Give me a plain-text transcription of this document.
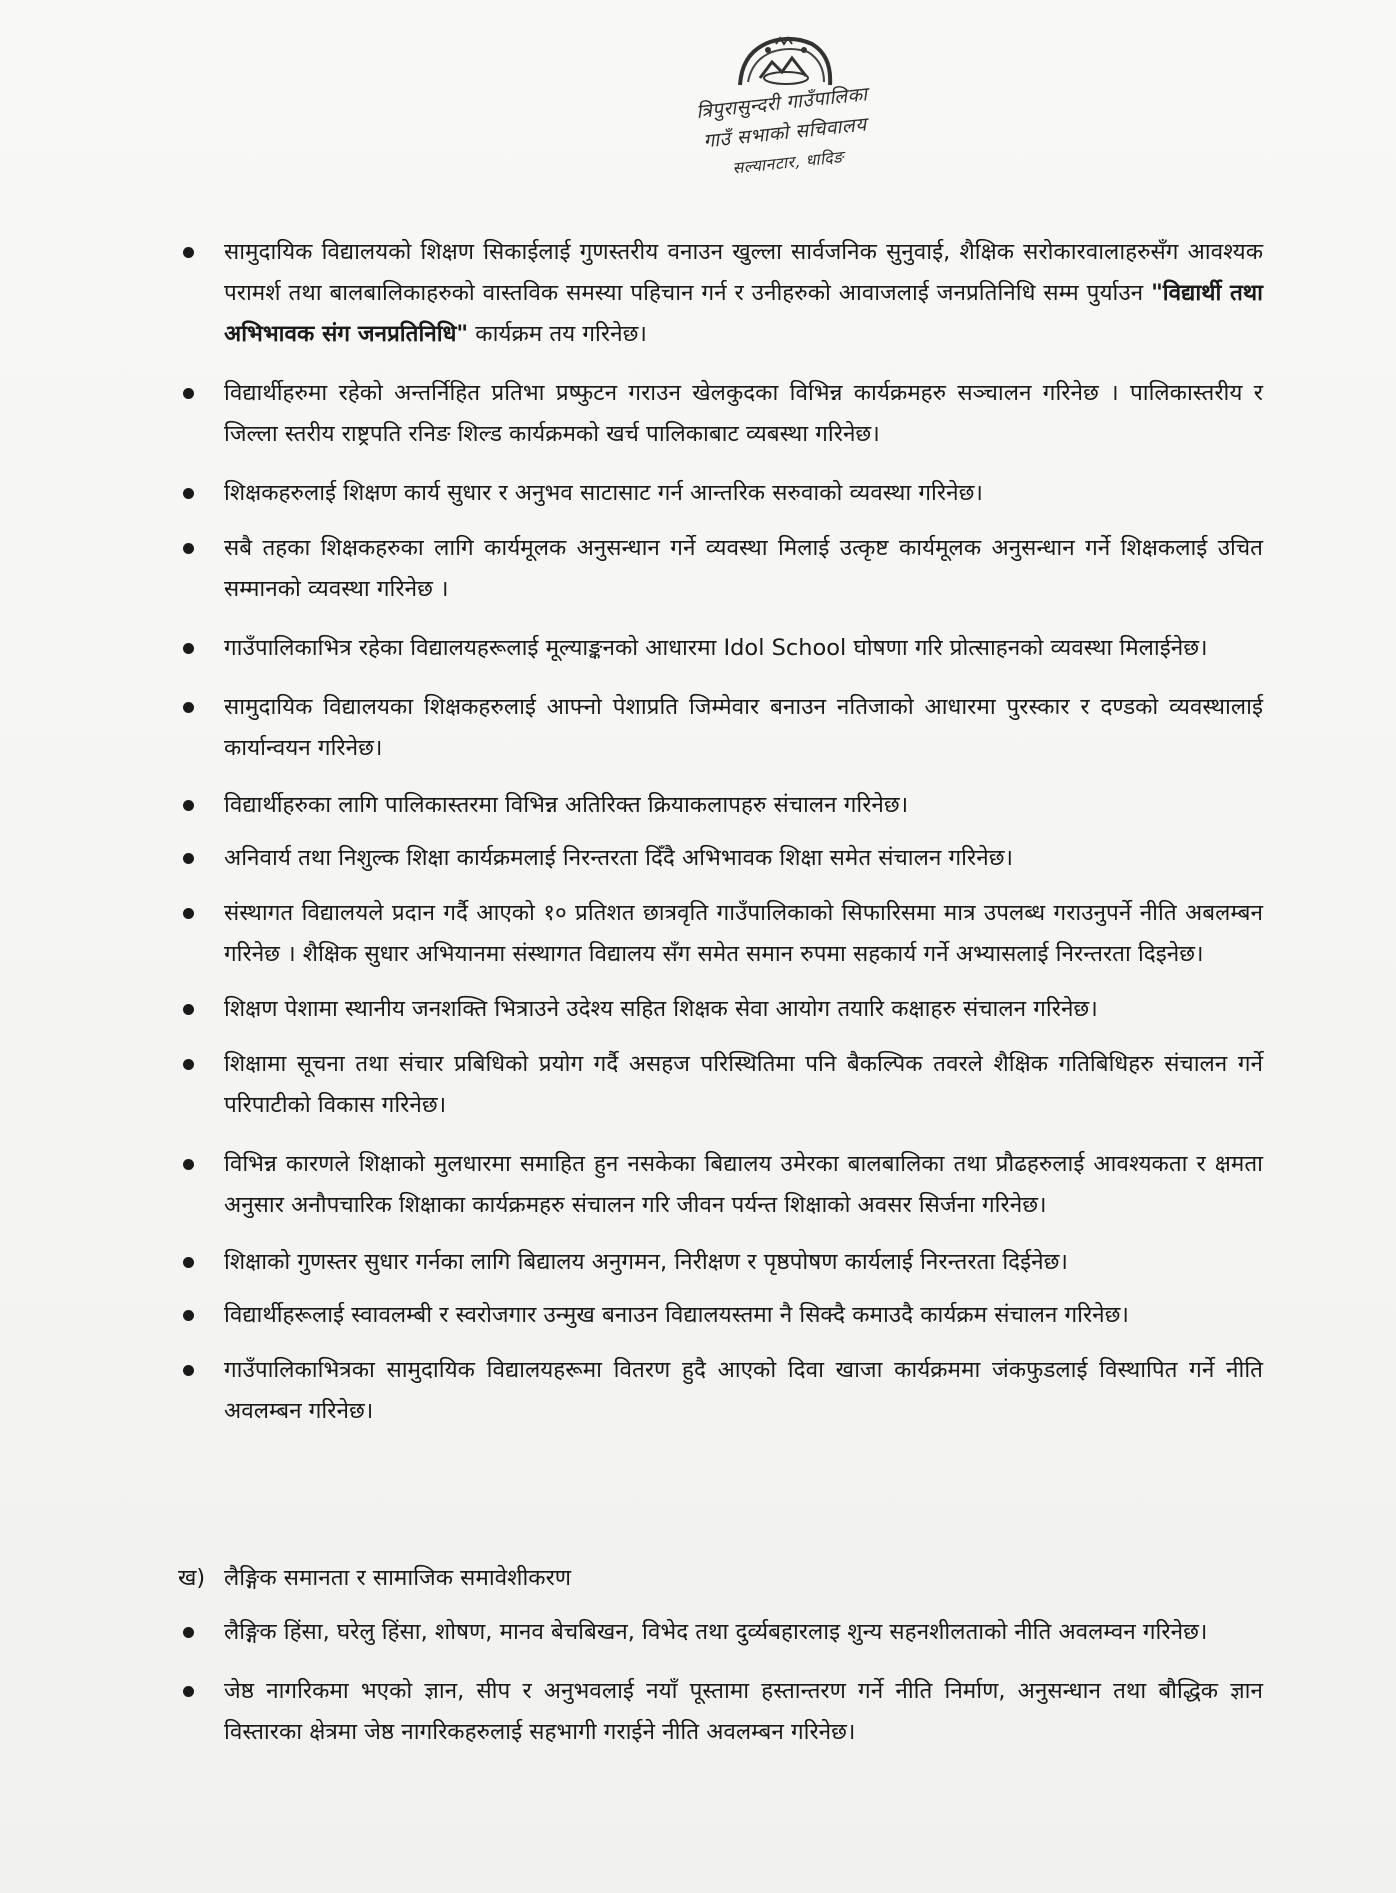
त्रिपुरासुन्दरी गाउँपालिका
गाउँ सभाको सचिवालय
सल्यानटार, धादिङ
सामुदायिक विद्यालयको शिक्षण सिकाईलाई गुणस्तरीय वनाउन खुल्ला सार्वजनिक सुनुवाई, शैक्षिक सरोकारवालाहरुसँग आवश्यक परामर्श तथा बालबालिकाहरुको वास्तविक समस्या पहिचान गर्न र उनीहरुको आवाजलाई जनप्रतिनिधि सम्म पुर्याउन "विद्यार्थी तथा अभिभावक संग जनप्रतिनिधि" कार्यक्रम तय गरिनेछ।
विद्यार्थीहरुमा रहेको अन्तर्निहित प्रतिभा प्रष्फुटन गराउन खेलकुदका विभिन्न कार्यक्रमहरु सञ्चालन गरिनेछ । पालिकास्तरीय र जिल्ला स्तरीय राष्ट्रपति रनिङ शिल्ड कार्यक्रमको खर्च पालिकाबाट व्यबस्था गरिनेछ।
शिक्षकहरुलाई शिक्षण कार्य सुधार र अनुभव साटासाट गर्न आन्तरिक सरुवाको व्यवस्था गरिनेछ।
सबै तहका शिक्षकहरुका लागि कार्यमूलक अनुसन्धान गर्ने व्यवस्था मिलाई उत्कृष्ट कार्यमूलक अनुसन्धान गर्ने शिक्षकलाई उचित सम्मानको व्यवस्था गरिनेछ ।
गाउँपालिकाभित्र रहेका विद्यालयहरूलाई मूल्याङ्कनको आधारमा Idol School घोषणा गरि प्रोत्साहनको व्यवस्था मिलाईनेछ।
सामुदायिक विद्यालयका शिक्षकहरुलाई आफ्नो पेशाप्रति जिम्मेवार बनाउन नतिजाको आधारमा पुरस्कार र दण्डको व्यवस्थालाई कार्यान्वयन गरिनेछ।
विद्यार्थीहरुका लागि पालिकास्तरमा विभिन्न अतिरिक्त क्रियाकलापहरु संचालन गरिनेछ।
अनिवार्य तथा निशुल्क शिक्षा कार्यक्रमलाई निरन्तरता दिँदै अभिभावक शिक्षा समेत संचालन गरिनेछ।
संस्थागत विद्यालयले प्रदान गर्दै आएको १० प्रतिशत छात्रवृति गाउँपालिकाको सिफारिसमा मात्र उपलब्ध गराउनुपर्ने नीति अबलम्बन गरिनेछ । शैक्षिक सुधार अभियानमा संस्थागत विद्यालय सँग समेत समान रुपमा सहकार्य गर्ने अभ्यासलाई निरन्तरता दिइनेछ।
शिक्षण पेशामा स्थानीय जनशक्ति भित्राउने उदेश्य सहित शिक्षक सेवा आयोग तयारि कक्षाहरु संचालन गरिनेछ।
शिक्षामा सूचना तथा संचार प्रबिधिको प्रयोग गर्दै असहज परिस्थितिमा पनि बैकल्पिक तवरले शैक्षिक गतिबिधिहरु संचालन गर्ने परिपाटीको विकास गरिनेछ।
विभिन्न कारणले शिक्षाको मुलधारमा समाहित हुन नसकेका बिद्यालय उमेरका बालबालिका तथा प्रौढहरुलाई आवश्यकता र क्षमता अनुसार अनौपचारिक शिक्षाका कार्यक्रमहरु संचालन गरि जीवन पर्यन्त शिक्षाको अवसर सिर्जना गरिनेछ।
शिक्षाको गुणस्तर सुधार गर्नका लागि बिद्यालय अनुगमन, निरीक्षण र पृष्ठपोषण कार्यलाई निरन्तरता दिईनेछ।
विद्यार्थीहरूलाई स्वावलम्बी र स्वरोजगार उन्मुख बनाउन विद्यालयस्तमा नै सिक्दै कमाउदै कार्यक्रम संचालन गरिनेछ।
गाउँपालिकाभित्रका सामुदायिक विद्यालयहरूमा वितरण हुदै आएको दिवा खाजा कार्यक्रममा जंकफुडलाई विस्थापित गर्ने नीति अवलम्बन गरिनेछ।
ख) लैङ्गिक समानता र सामाजिक समावेशीकरण
लैङ्गिक हिंसा, घरेलु हिंसा, शोषण, मानव बेचबिखन, विभेद तथा दुर्व्यबहारलाइ शुन्य सहनशीलताको नीति अवलम्वन गरिनेछ।
जेष्ठ नागरिकमा भएको ज्ञान, सीप र अनुभवलाई नयाँ पूस्तामा हस्तान्तरण गर्ने नीति निर्माण, अनुसन्धान तथा बौद्धिक ज्ञान विस्तारका क्षेत्रमा जेष्ठ नागरिकहरुलाई सहभागी गराईने नीति अवलम्बन गरिनेछ।
